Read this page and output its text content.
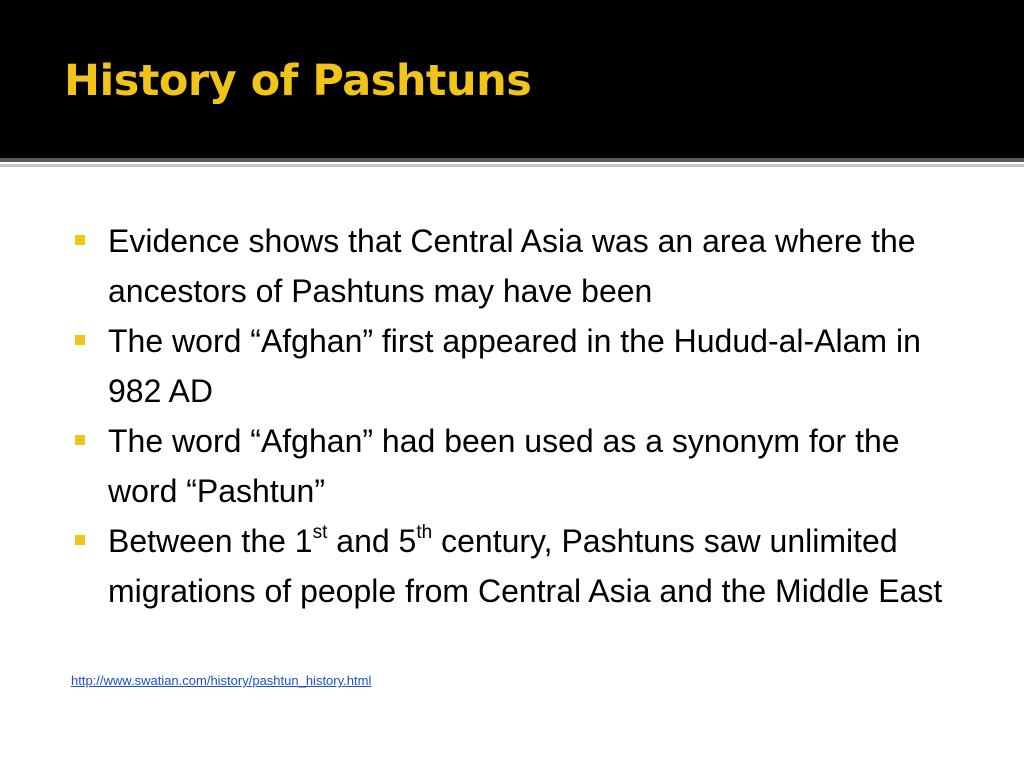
History of Pashtuns
Evidence shows that Central Asia was an area where the ancestors of Pashtuns may have been
The word “Afghan” first appeared in the Hudud-al-Alam in 982 AD
The word “Afghan” had been used as a synonym for the word “Pashtun”
Between the 1st and 5th century, Pashtuns saw unlimited migrations of people from Central Asia and the Middle East
http://www.swatian.com/history/pashtun_history.html
